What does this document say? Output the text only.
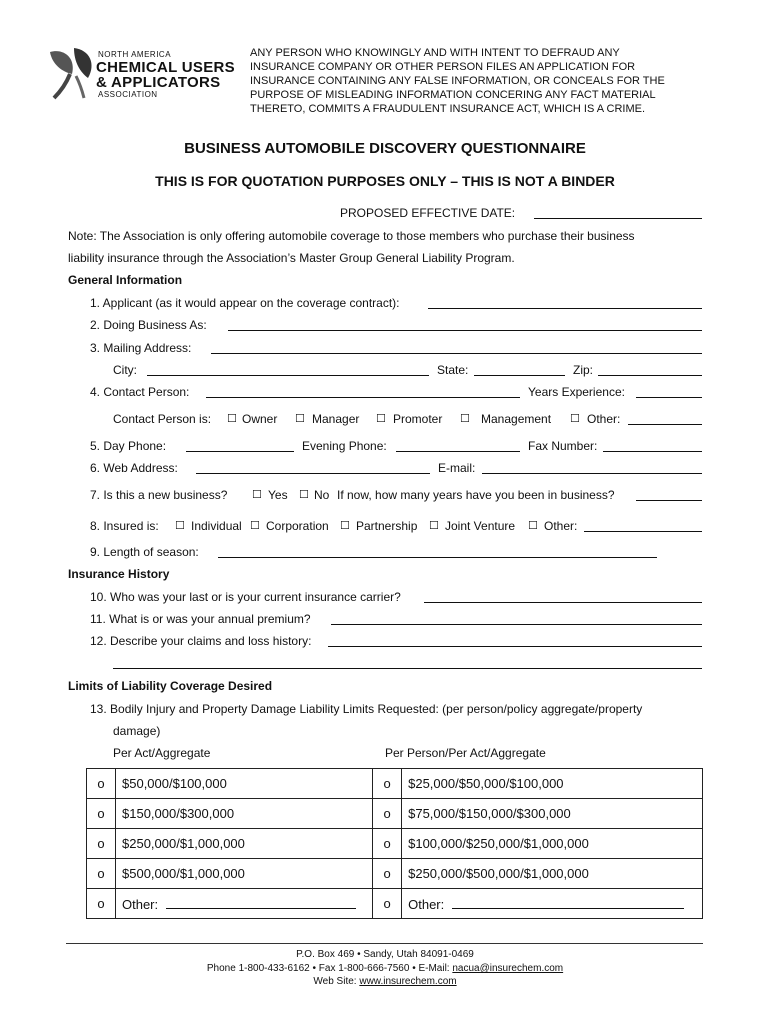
NORTH AMERICA
CHEMICAL USERS
& APPLICATORS
ASSOCIATION
ANY PERSON WHO KNOWINGLY AND WITH INTENT TO DEFRAUD ANY
INSURANCE COMPANY OR OTHER PERSON FILES AN APPLICATION FOR
INSURANCE CONTAINING ANY FALSE INFORMATION, OR CONCEALS FOR THE
PURPOSE OF MISLEADING INFORMATION CONCERING ANY FACT MATERIAL
THERETO, COMMITS A FRAUDULENT INSURANCE ACT, WHICH IS A CRIME.
BUSINESS AUTOMOBILE DISCOVERY QUESTIONNAIRE
THIS IS FOR QUOTATION PURPOSES ONLY – THIS IS NOT A BINDER
PROPOSED EFFECTIVE DATE:
Note: The Association is only offering automobile coverage to those members who purchase their business
liability insurance through the Association’s Master Group General Liability Program.
General Information
1. Applicant (as it would appear on the coverage contract):
2. Doing Business As:
3. Mailing Address:
City:	State:	Zip:
4. Contact Person:	Years Experience:
Contact Person is: ☐ Owner ☐ Manager ☐ Promoter ☐ Management ☐ Other:
5. Day Phone:	Evening Phone:	Fax Number:
6. Web Address:	E-mail:
7. Is this a new business? ☐ Yes ☐ No If now, how many years have you been in business?
8. Insured is: ☐ Individual ☐ Corporation ☐ Partnership ☐ Joint Venture ☐ Other:
9. Length of season:
Insurance History
10. Who was your last or is your current insurance carrier?
11. What is or was your annual premium?
12. Describe your claims and loss history:
Limits of Liability Coverage Desired
13. Bodily Injury and Property Damage Liability Limits Requested: (per person/policy aggregate/property
damage)
Per Act/Aggregate	Per Person/Per Act/Aggregate
o	$50,000/$100,000	o	$25,000/$50,000/$100,000
o	$150,000/$300,000	o	$75,000/$150,000/$300,000
o	$250,000/$1,000,000	o	$100,000/$250,000/$1,000,000
o	$500,000/$1,000,000	o	$250,000/$500,000/$1,000,000
o	Other:	o	Other:
P.O. Box 469 • Sandy, Utah 84091-0469
Phone 1-800-433-6162 • Fax 1-800-666-7560 • E-Mail: nacua@insurechem.com
Web Site: www.insurechem.com
